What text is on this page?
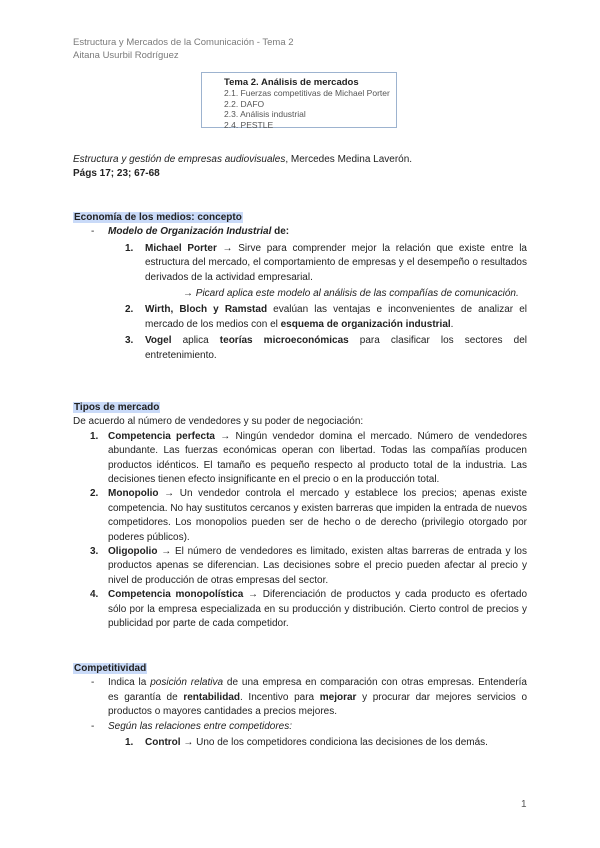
Estructura y Mercados de la Comunicación - Tema 2
Aitana Usurbil Rodríguez
Tema 2. Análisis de mercados
2.1. Fuerzas competitivas de Michael Porter
2.2. DAFO
2.3. Análisis industrial
2.4. PESTLE
Estructura y gestión de empresas audiovisuales, Mercedes Medina Laverón.
Págs 17; 23; 67-68
Economía de los medios: concepto
- Modelo de Organización Industrial de:
1. Michael Porter → Sirve para comprender mejor la relación que existe entre la estructura del mercado, el comportamiento de empresas y el desempeño o resultados derivados de la actividad empresarial.
→ Picard aplica este modelo al análisis de las compañías de comunicación.
2. Wirth, Bloch y Ramstad evalúan las ventajas e inconvenientes de analizar el mercado de los medios con el esquema de organización industrial.
3. Vogel aplica teorías microeconómicas para clasificar los sectores del entretenimiento.
Tipos de mercado
De acuerdo al número de vendedores y su poder de negociación:
1. Competencia perfecta → Ningún vendedor domina el mercado. Número de vendedores abundante. Las fuerzas económicas operan con libertad. Todas las compañías producen productos idénticos. El tamaño es pequeño respecto al producto total de la industria. Las decisiones tienen efecto insignificante en el precio o en la producción total.
2. Monopolio → Un vendedor controla el mercado y establece los precios; apenas existe competencia. No hay sustitutos cercanos y existen barreras que impiden la entrada de nuevos competidores. Los monopolios pueden ser de hecho o de derecho (privilegio otorgado por poderes públicos).
3. Oligopolio → El número de vendedores es limitado, existen altas barreras de entrada y los productos apenas se diferencian. Las decisiones sobre el precio pueden afectar al precio y nivel de producción de otras empresas del sector.
4. Competencia monopolística → Diferenciación de productos y cada producto es ofertado sólo por la empresa especializada en su producción y distribución. Cierto control de precios y publicidad por parte de cada competidor.
Competitividad
- Indica la posición relativa de una empresa en comparación con otras empresas. Entendería es garantía de rentabilidad. Incentivo para mejorar y procurar dar mejores servicios o productos o mayores cantidades a precios mejores.
- Según las relaciones entre competidores:
1. Control → Uno de los competidores condiciona las decisiones de los demás.
1
